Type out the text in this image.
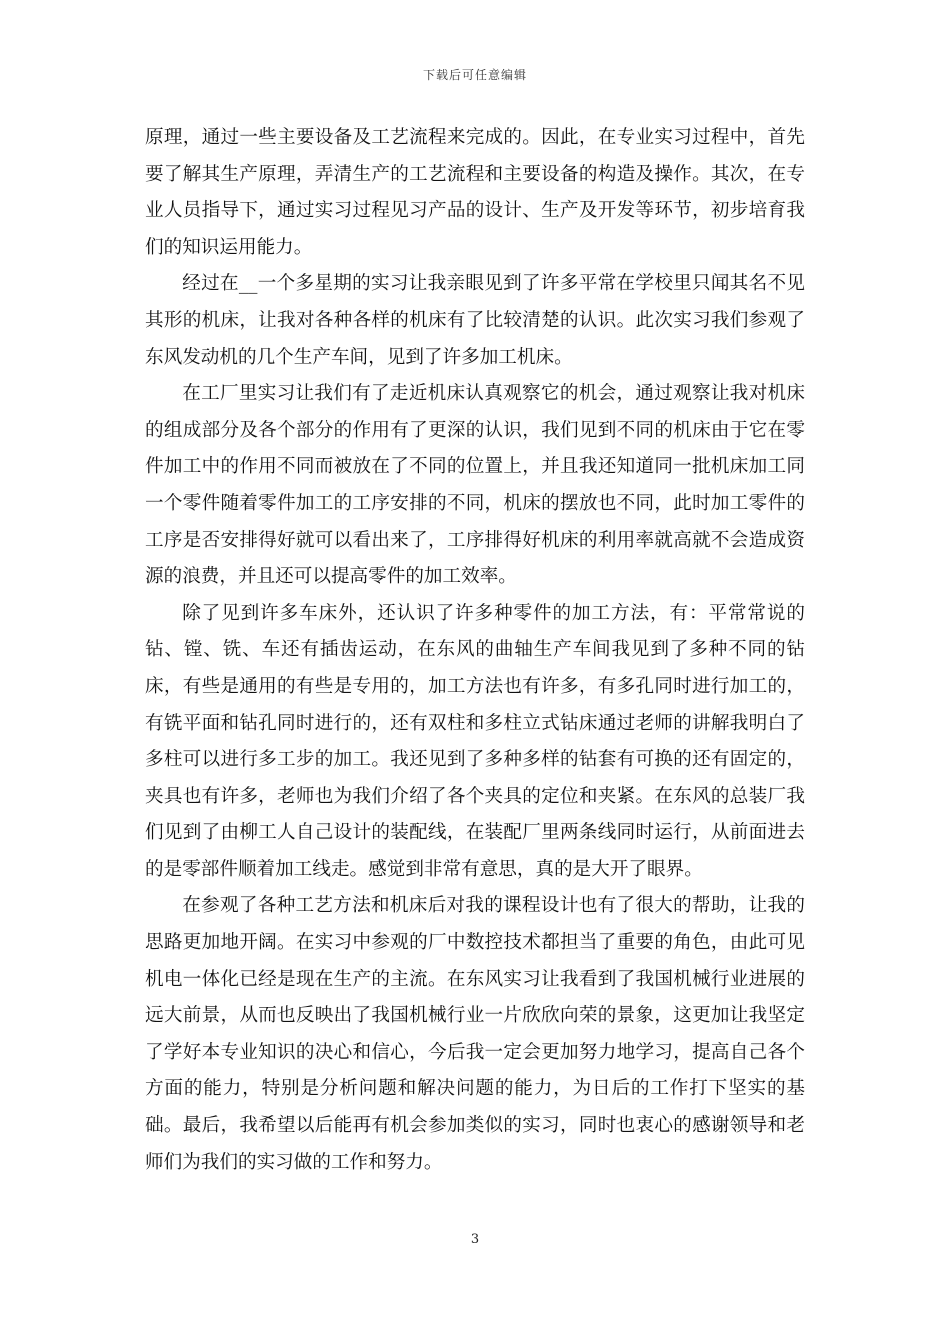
下载后可任意编辑

原理，通过一些主要设备及工艺流程来完成的。因此，在专业实习过程中，首先要了解其生产原理，弄清生产的工艺流程和主要设备的构造及操作。其次，在专业人员指导下，通过实习过程见习产品的设计、生产及开发等环节，初步培育我们的知识运用能力。

经过在__一个多星期的实习让我亲眼见到了许多平常在学校里只闻其名不见其形的机床，让我对各种各样的机床有了比较清楚的认识。此次实习我们参观了东风发动机的几个生产车间，见到了许多加工机床。

在工厂里实习让我们有了走近机床认真观察它的机会，通过观察让我对机床的组成部分及各个部分的作用有了更深的认识，我们见到不同的机床由于它在零件加工中的作用不同而被放在了不同的位置上，并且我还知道同一批机床加工同一个零件随着零件加工的工序安排的不同，机床的摆放也不同，此时加工零件的工序是否安排得好就可以看出来了，工序排得好机床的利用率就高就不会造成资源的浪费，并且还可以提高零件的加工效率。

除了见到许多车床外，还认识了许多种零件的加工方法，有：平常常说的钻、镗、铣、车还有插齿运动，在东风的曲轴生产车间我见到了多种不同的钻床，有些是通用的有些是专用的，加工方法也有许多，有多孔同时进行加工的，有铣平面和钻孔同时进行的，还有双柱和多柱立式钻床通过老师的讲解我明白了多柱可以进行多工步的加工。我还见到了多种多样的钻套有可换的还有固定的，夹具也有许多，老师也为我们介绍了各个夹具的定位和夹紧。在东风的总装厂我们见到了由柳工人自己设计的装配线，在装配厂里两条线同时运行，从前面进去的是零部件顺着加工线走。感觉到非常有意思，真的是大开了眼界。

在参观了各种工艺方法和机床后对我的课程设计也有了很大的帮助，让我的思路更加地开阔。在实习中参观的厂中数控技术都担当了重要的角色，由此可见机电一体化已经是现在生产的主流。在东风实习让我看到了我国机械行业进展的远大前景，从而也反映出了我国机械行业一片欣欣向荣的景象，这更加让我坚定了学好本专业知识的决心和信心，今后我一定会更加努力地学习，提高自己各个方面的能力，特别是分析问题和解决问题的能力，为日后的工作打下坚实的基础。最后，我希望以后能再有机会参加类似的实习，同时也衷心的感谢领导和老师们为我们的实习做的工作和努力。

3
